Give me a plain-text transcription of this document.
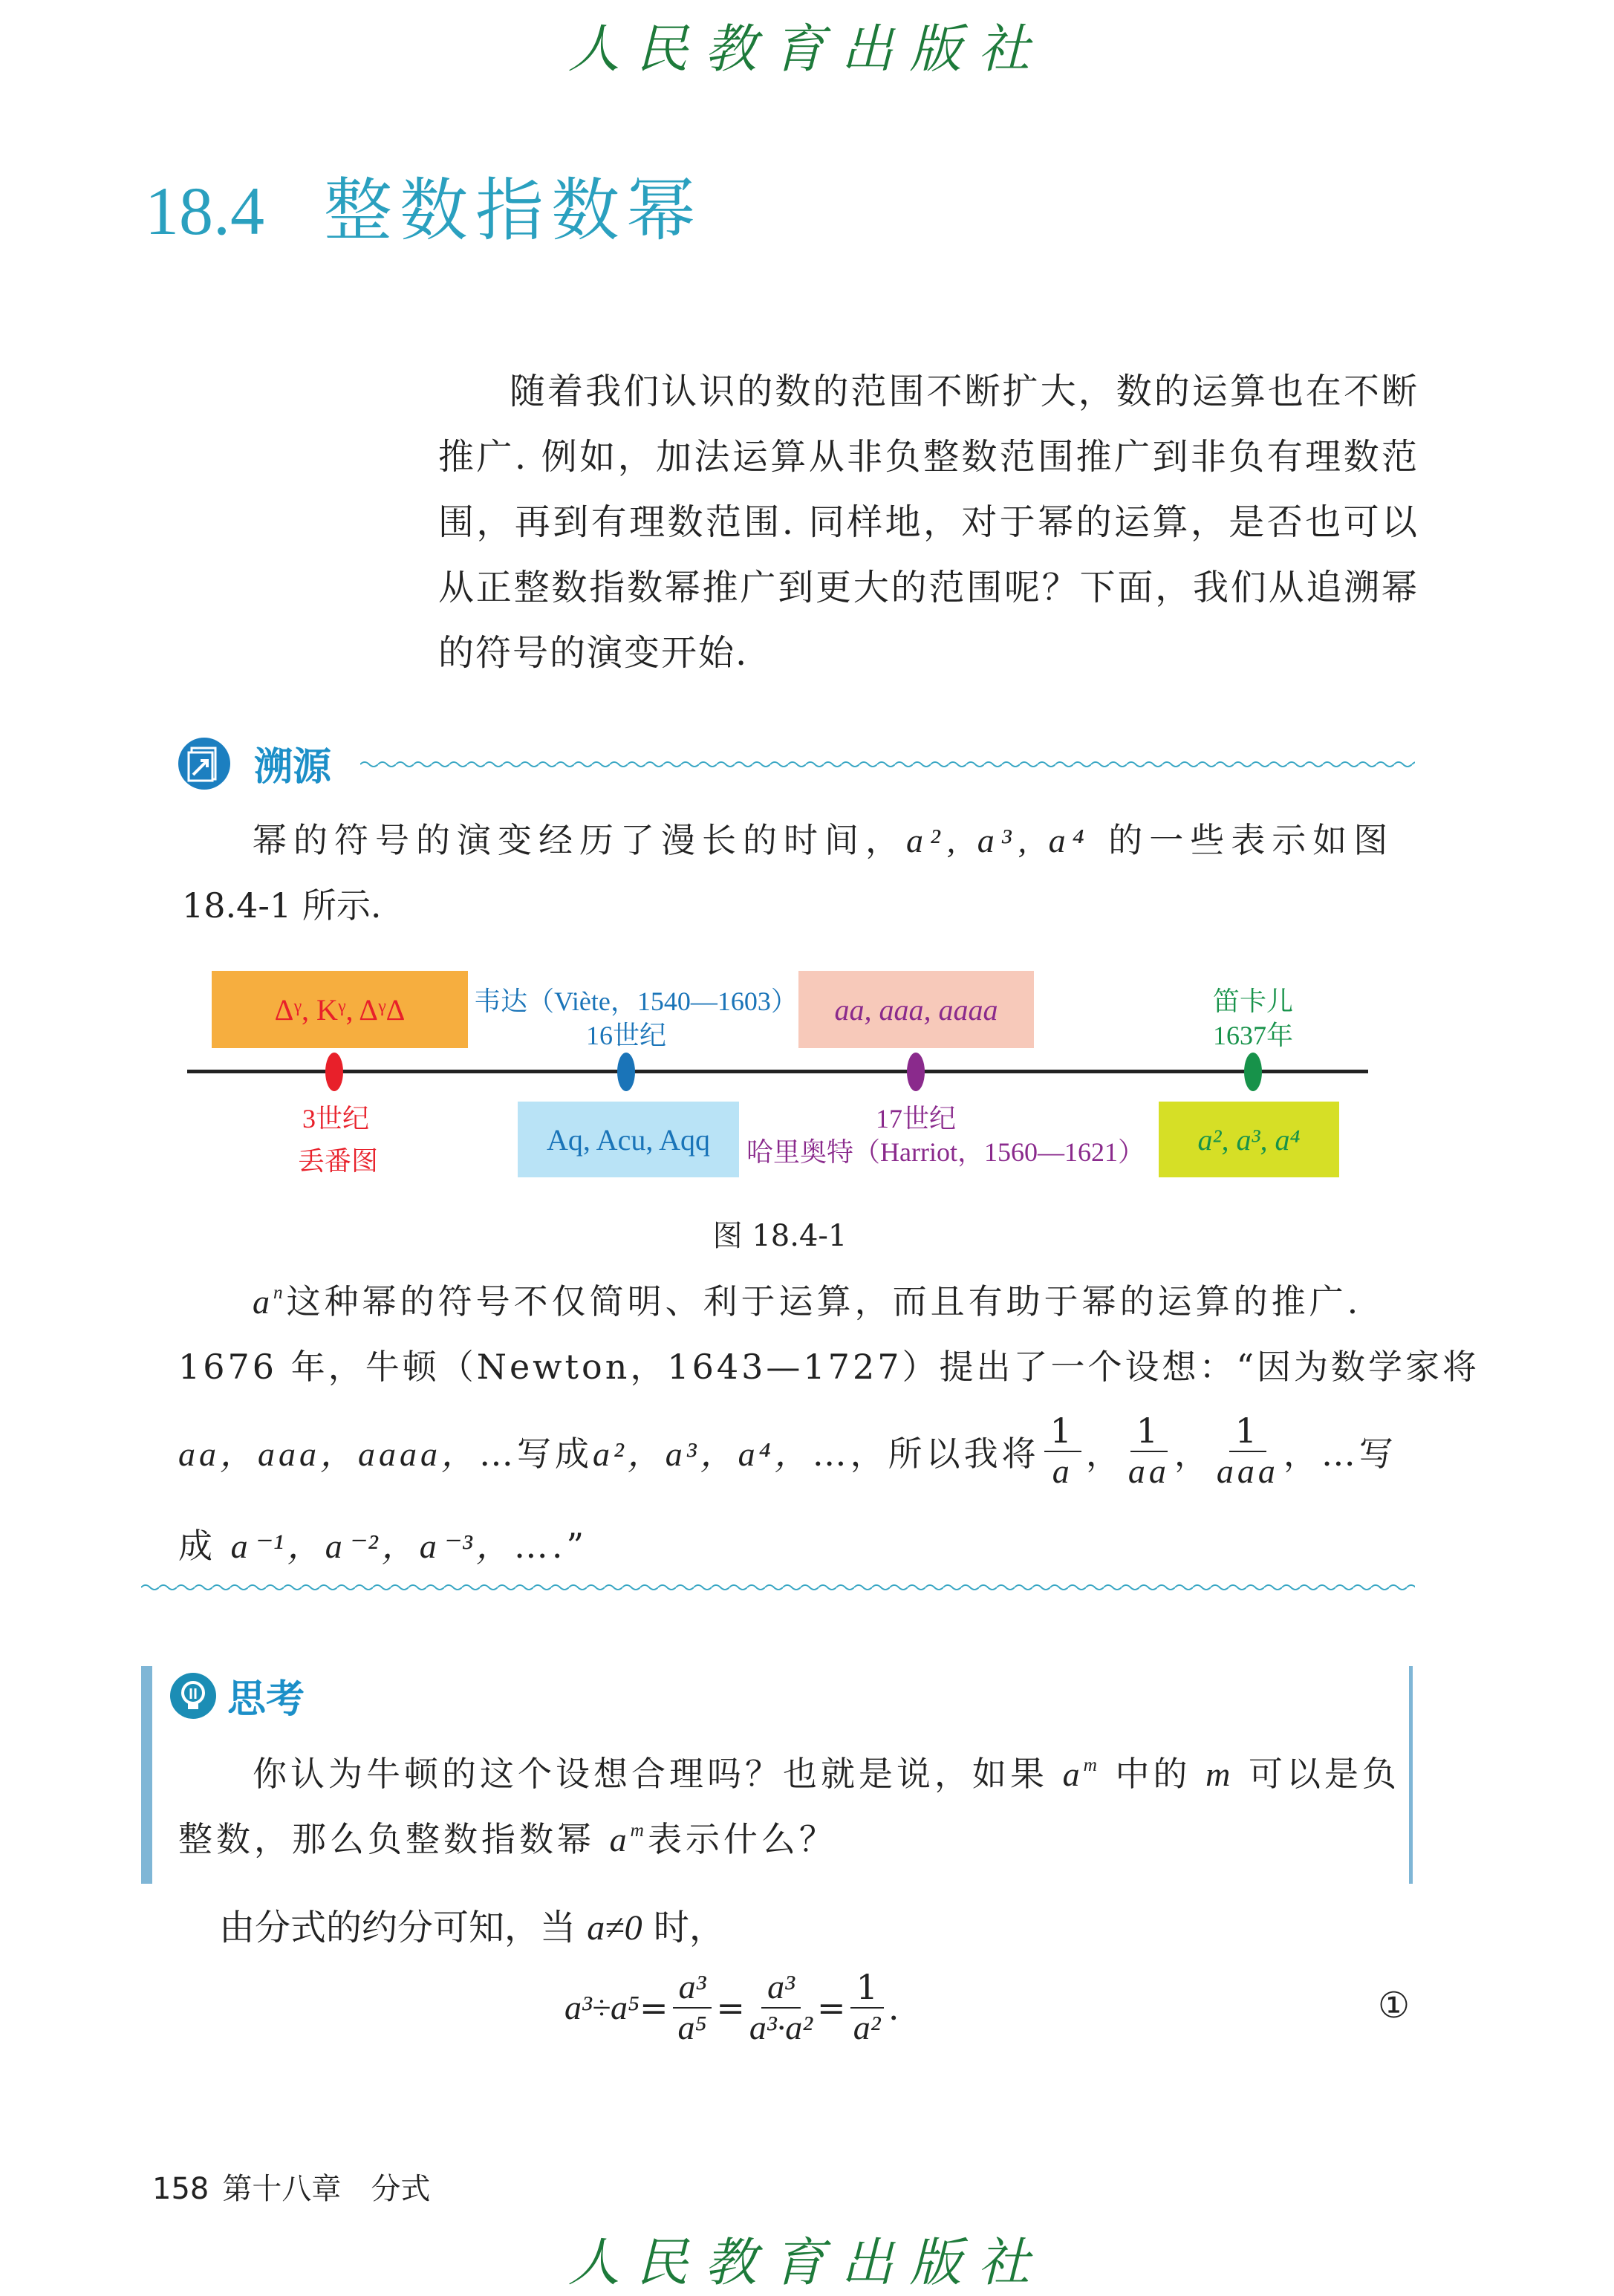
人民教育出版社
18.4 整数指数幂
随着我们认识的数的范围不断扩大，数的运算也在不断推广. 例如，加法运算从非负整数范围推广到非负有理数范围，再到有理数范围. 同样地，对于幂的运算，是否也可以从正整数指数幂推广到更大的范围呢？下面，我们从追溯幂的符号的演变开始.
溯源
幂的符号的演变经历了漫长的时间，a², a³, a⁴ 的一些表示如图
18.4-1 所示.
Δᵞ, Kᵞ, ΔᵞΔ
Aq, Acu, Aqq
aa, aaa, aaaa
a², a³, a⁴
3世纪
丢番图
韦达（Viète，1540—1603）
16世纪
17世纪
哈里奥特（Harriot，1560—1621）
笛卡儿
1637年
图 18.4-1
$a^n$这种幂的符号不仅简明、利于运算，而且有助于幂的运算的推广.
1676 年，牛顿（Newton，1643—1727）提出了一个设想：“因为数学家将
aa，aaa，aaaa， …写成 a²，a³，a⁴， …，所以我将 $\frac{1}{a}$ ， $\frac{1}{aa}$ ， $\frac{1}{\text{aaa}}$ ，…写
成 a⁻¹，a⁻²，a⁻³，….”
思考
你认为牛顿的这个设想合理吗？也就是说，如果 $a^m$ 中的 m 可以是负
整数，那么负整数指数幂 $a^m$表示什么？
由分式的约分可知，当 a≠0 时，
$a^3\div a^5 = \frac{\text{a³}}{\text{a⁵}} = \frac{\text{a³}}{\text{a³·a²}} = \frac{1}{\text{a²}}$ .	①
158 第十八章 分式
人民教育出版社
